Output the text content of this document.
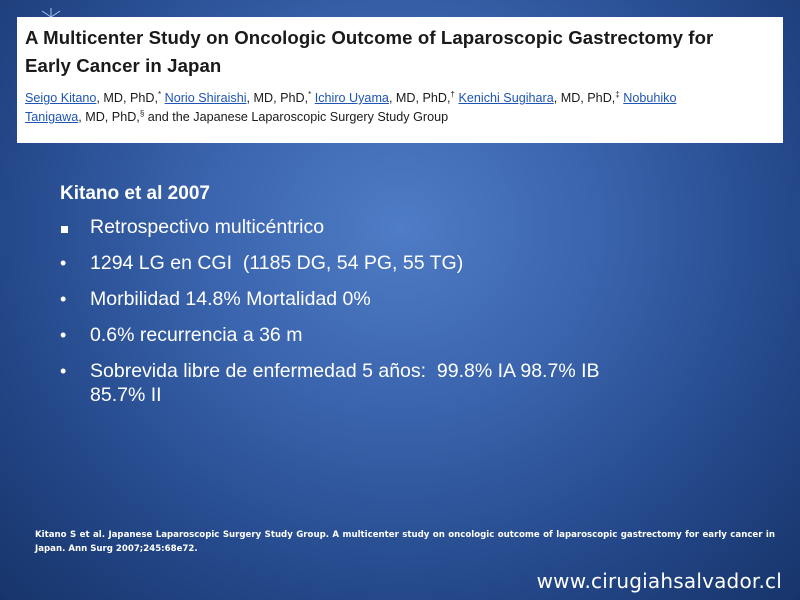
A Multicenter Study on Oncologic Outcome of Laparoscopic Gastrectomy for
Early Cancer in Japan

Seigo Kitano, MD, PhD,* Norio Shiraishi, MD, PhD,* Ichiro Uyama, MD, PhD,† Kenichi Sugihara, MD, PhD,‡ Nobuhiko
Tanigawa, MD, PhD,§ and the Japanese Laparoscopic Surgery Study Group

Kitano et al 2007

Retrospectivo multicéntrico
•	1294 LG en CGI  (1185 DG, 54 PG, 55 TG)
•	Morbilidad 14.8% Mortalidad 0%
•	0.6% recurrencia a 36 m
•	Sobrevida libre de enfermedad 5 años:  99.8% IA 98.7% IB
85.7% II
Kitano S et al. Japanese Laparoscopic Surgery Study Group. A multicenter study on oncologic outcome of laparoscopic gastrectomy for early cancer in Japan. Ann Surg 2007;245:68e72.
www.cirugiahsalvador.cl
